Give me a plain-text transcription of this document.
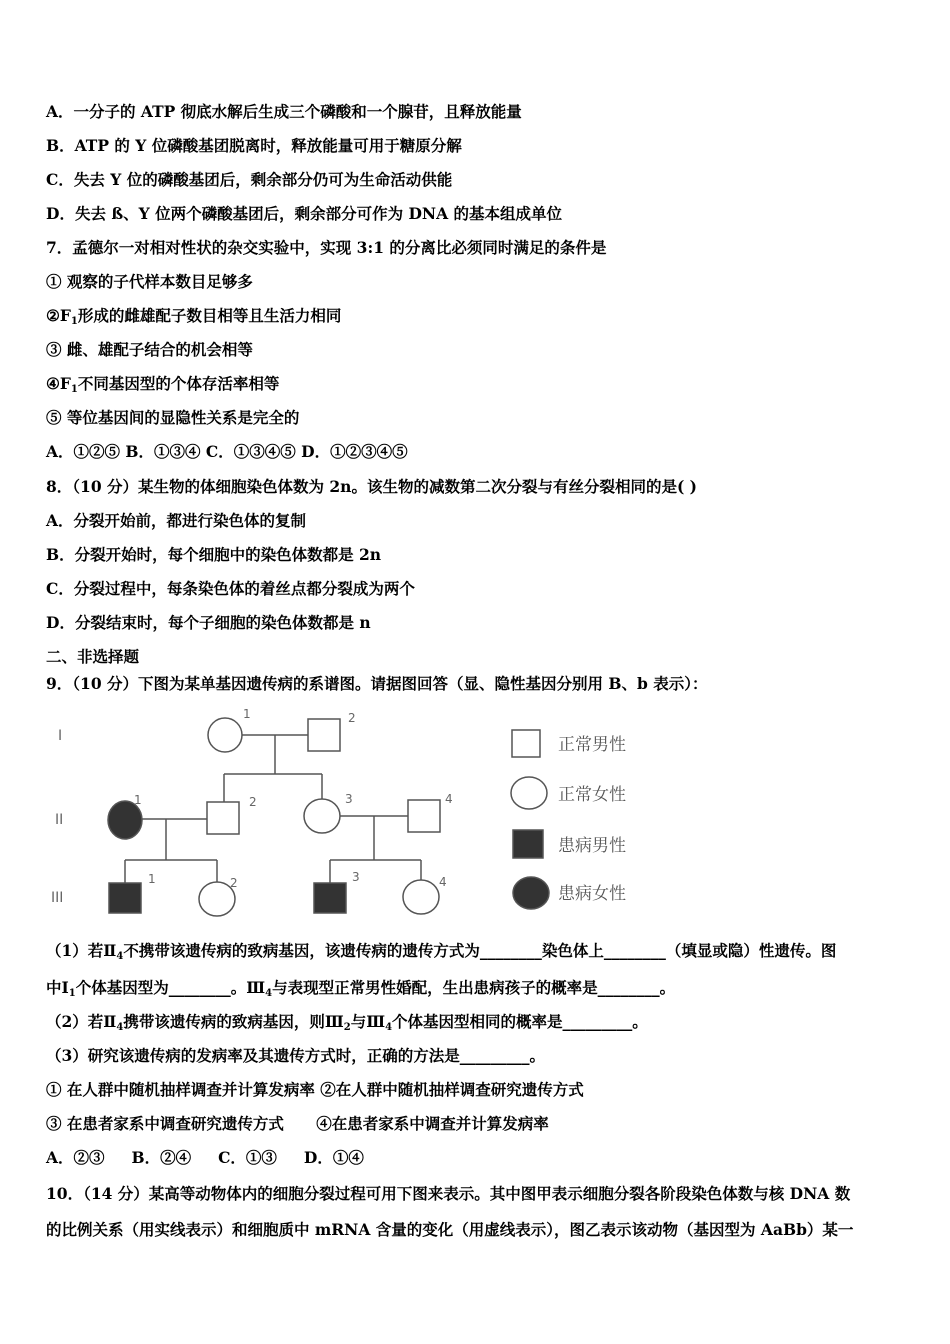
A．一分子的 ATP 彻底水解后生成三个磷酸和一个腺苷，且释放能量
B．ATP 的 Y 位磷酸基团脱离时，释放能量可用于糖原分解
C．失去 Y 位的磷酸基团后，剩余部分仍可为生命活动供能
D．失去 ß、Y 位两个磷酸基团后，剩余部分可作为 DNA 的基本组成单位
7．孟德尔一对相对性状的杂交实验中，实现 3:1 的分离比必须同时满足的条件是
① 观察的子代样本数目足够多
$②F_1$形成的雌雄配子数目相等且生活力相同
③ 雌、雄配子结合的机会相等
$④F_1$不同基因型的个体存活率相等
⑤ 等位基因间的显隐性关系是完全的
A．①②⑤ B．①③④ C．①③④⑤ D．①②③④⑤
8．（10 分）某生物的体细胞染色体数为 2n。该生物的减数第二次分裂与有丝分裂相同的是( )
A．分裂开始前，都进行染色体的复制
B．分裂开始时，每个细胞中的染色体数都是 2n
C．分裂过程中，每条染色体的着丝点都分裂成为两个
D．分裂结束时，每个子细胞的染色体数都是 n
二、非选择题
9．（10 分）下图为某单基因遗传病的系谱图。请据图回答（显、隐性基因分别用 B、b 表示）：
I
II
III
1	2
1	2	3	4
1	2	3	4
正常男性
正常女性
患病男性
患病女性
（1）若$Ⅱ_4$不携带该遗传病的致病基因，该遗传病的遗传方式为________染色体上________（填显或隐）性遗传。图
中$Ⅰ_1$个体基因型为________。$Ⅲ_4$与表现型正常男性婚配，生出患病孩子的概率是________。
（2）若$Ⅱ_4$携带该遗传病的致病基因，则$Ⅲ_2$与$Ⅲ_4$个体基因型相同的概率是_________。
（3）研究该遗传病的发病率及其遗传方式时，正确的方法是_________。
① 在人群中随机抽样调查并计算发病率 ②在人群中随机抽样调查研究遗传方式
③ 在患者家系中调查研究遗传方式      ④在患者家系中调查并计算发病率
A．②③     B．②④     C．①③     D．①④
10．（14 分）某高等动物体内的细胞分裂过程可用下图来表示。其中图甲表示细胞分裂各阶段染色体数与核 DNA 数
的比例关系（用实线表示）和细胞质中 mRNA 含量的变化（用虚线表示），图乙表示该动物（基因型为 AaBb）某一
